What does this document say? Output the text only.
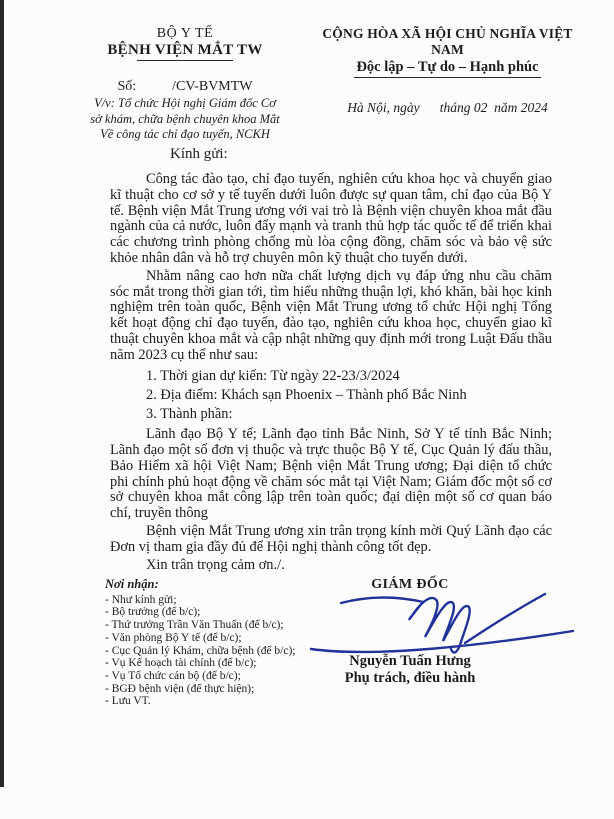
BỘ Y TẾ
BỆNH VIỆN MẮT TW
Số:	/CV-BVMTW
V/v: Tổ chức Hội nghị Giám đốc Cơ
sở khám, chữa bệnh chuyên khoa Mắt
Về công tác chỉ đạo tuyến, NCKH
CỘNG HÒA XÃ HỘI CHỦ NGHĨA VIỆT NAM
Độc lập – Tự do – Hạnh phúc
Hà Nội, ngày      tháng 02  năm 2024
Kính gửi:

Công tác đào tạo, chỉ đạo tuyến, nghiên cứu khoa học và chuyển giao kĩ thuật cho cơ sở y tế tuyến dưới luôn được sự quan tâm, chỉ đạo của Bộ Y tế. Bệnh viện Mắt Trung ương với vai trò là Bệnh viện chuyên khoa mắt đầu ngành của cả nước, luôn đẩy mạnh và tranh thủ hợp tác quốc tế để triển khai các chương trình phòng chống mù lòa cộng đồng, chăm sóc và bảo vệ sức khỏe nhân dân và hỗ trợ chuyên môn kỹ thuật cho tuyến dưới.

Nhằm nâng cao hơn nữa chất lượng dịch vụ đáp ứng nhu cầu chăm sóc mắt trong thời gian tới, tìm hiểu những thuận lợi, khó khăn, bài học kinh nghiệm trên toàn quốc, Bệnh viện Mắt Trung ương tổ chức Hội nghị Tổng kết hoạt động chỉ đạo tuyến, đào tạo, nghiên cứu khoa học, chuyển giao kĩ thuật chuyên khoa mắt và cập nhật những quy định mới trong Luật Đấu thầu năm 2023 cụ thể như sau:

1. Thời gian dự kiến: Từ ngày 22-23/3/2024
2. Địa điểm: Khách sạn Phoenix – Thành phố Bắc Ninh
3. Thành phần:

Lãnh đạo Bộ Y tế; Lãnh đạo tỉnh Bắc Ninh, Sở Y tế tỉnh Bắc Ninh; Lãnh đạo một số đơn vị thuộc và trực thuộc Bộ Y tế, Cục Quản lý đấu thầu, Bảo Hiểm xã hội Việt Nam; Bệnh viện Mắt Trung ương; Đại diện tổ chức phi chính phủ hoạt động về chăm sóc mắt tại Việt Nam; Giám đốc một số cơ sở chuyên khoa mắt công lập trên toàn quốc; đại diện một số cơ quan báo chí, truyền thông

Bệnh viện Mắt Trung ương xin trân trọng kính mời Quý Lãnh đạo các Đơn vị tham gia đầy đủ để Hội nghị thành công tốt đẹp.

Xin trân trọng cảm ơn./.

Nơi nhận:
- Như kính gửi;
- Bộ trưởng (để b/c);
- Thứ trưởng Trần Văn Thuấn (để b/c);
- Văn phòng Bộ Y tế (để b/c);
- Cục Quản lý Khám, chữa bệnh (để b/c);
- Vụ Kế hoạch tài chính (để b/c);
- Vụ Tổ chức cán bộ (để b/c);
- BGĐ bệnh viện (để thực hiện);
- Lưu VT.
GIÁM ĐỐC
Nguyễn Tuấn Hưng
Phụ trách, điều hành
